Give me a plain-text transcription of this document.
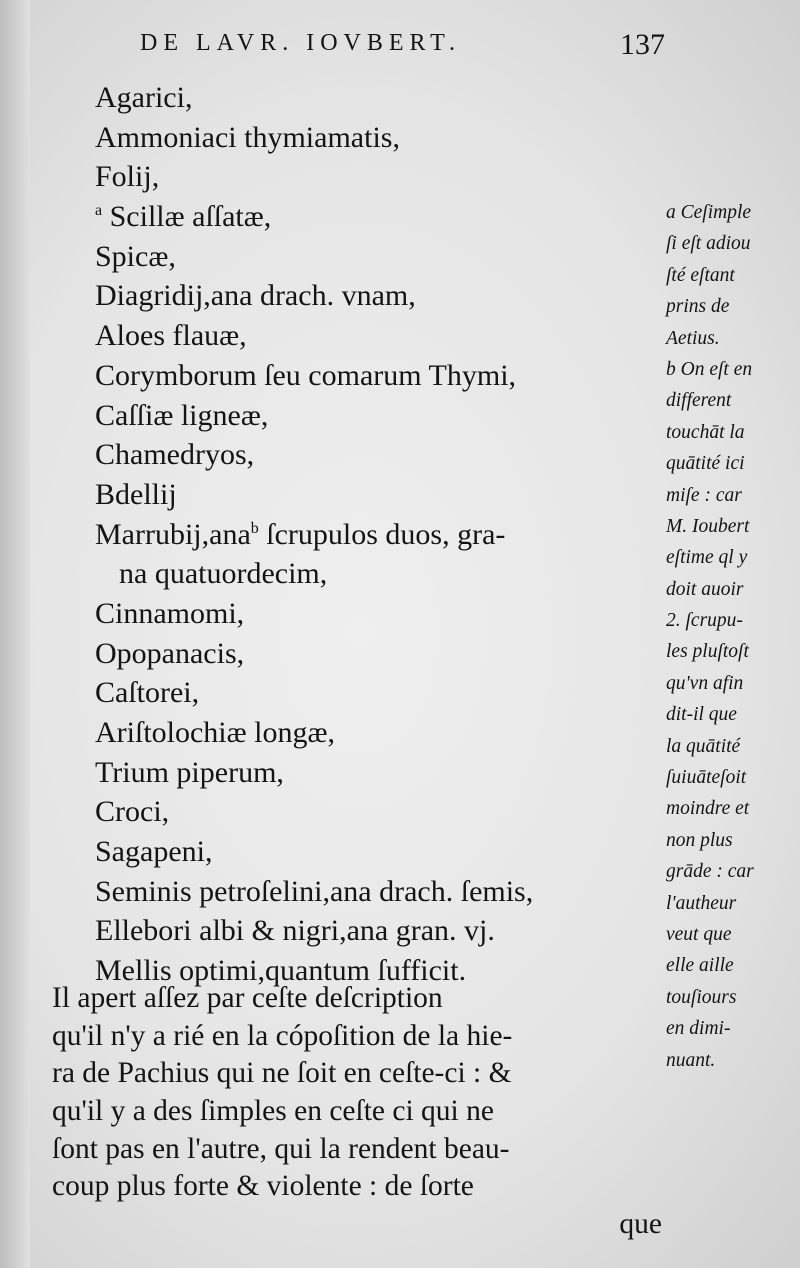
DE LAVR. IOVBERT.	137
Agarici,
Ammoniaci thymiamatis,
Folij,
$^a$ Scillæ aſſatæ,
Spicæ,
Diagridij,ana drach. vnam,
Aloes flauæ,
Corymborum ſeu comarum Thymi,
Caſſiæ ligneæ,
Chamedryos,
Bdellij
Marrubij,ana$^b$ ſcrupulos duos, gra-
na quatuordecim,
Cinnamomi,
Opopanacis,
Caſtorei,
Ariſtolochiæ longæ,
Trium piperum,
Croci,
Sagapeni,
Seminis petroſelini,ana drach. ſemis,
Ellebori albi & nigri,ana gran. vj.
Mellis optimi,quantum ſufficit.
Il apert aſſez par ceſte deſcription
qu'il n'y a rié en la cópoſition de la hie-
ra de Pachius qui ne ſoit en ceſte-ci : &
qu'il y a des ſimples en ceſte ci qui ne
ſont pas en l'autre, qui la rendent beau-
coup plus forte & violente : de ſorte
que
a Ceſimple
ſi eſt adiou
ſté eſtant
prins de
Aetius.
b On eſt en
different
touchāt la
quātité ici
miſe : car
M. Ioubert
eſtime ql y
doit auoir
2. ſcrupu-
les pluſtoſt
qu'vn afin
dit-il que
la quātité
ſuiuāteſoit
moindre et
non plus
grāde : car
l'autheur
veut que
elle aille
touſiours
en dimi-
nuant.
